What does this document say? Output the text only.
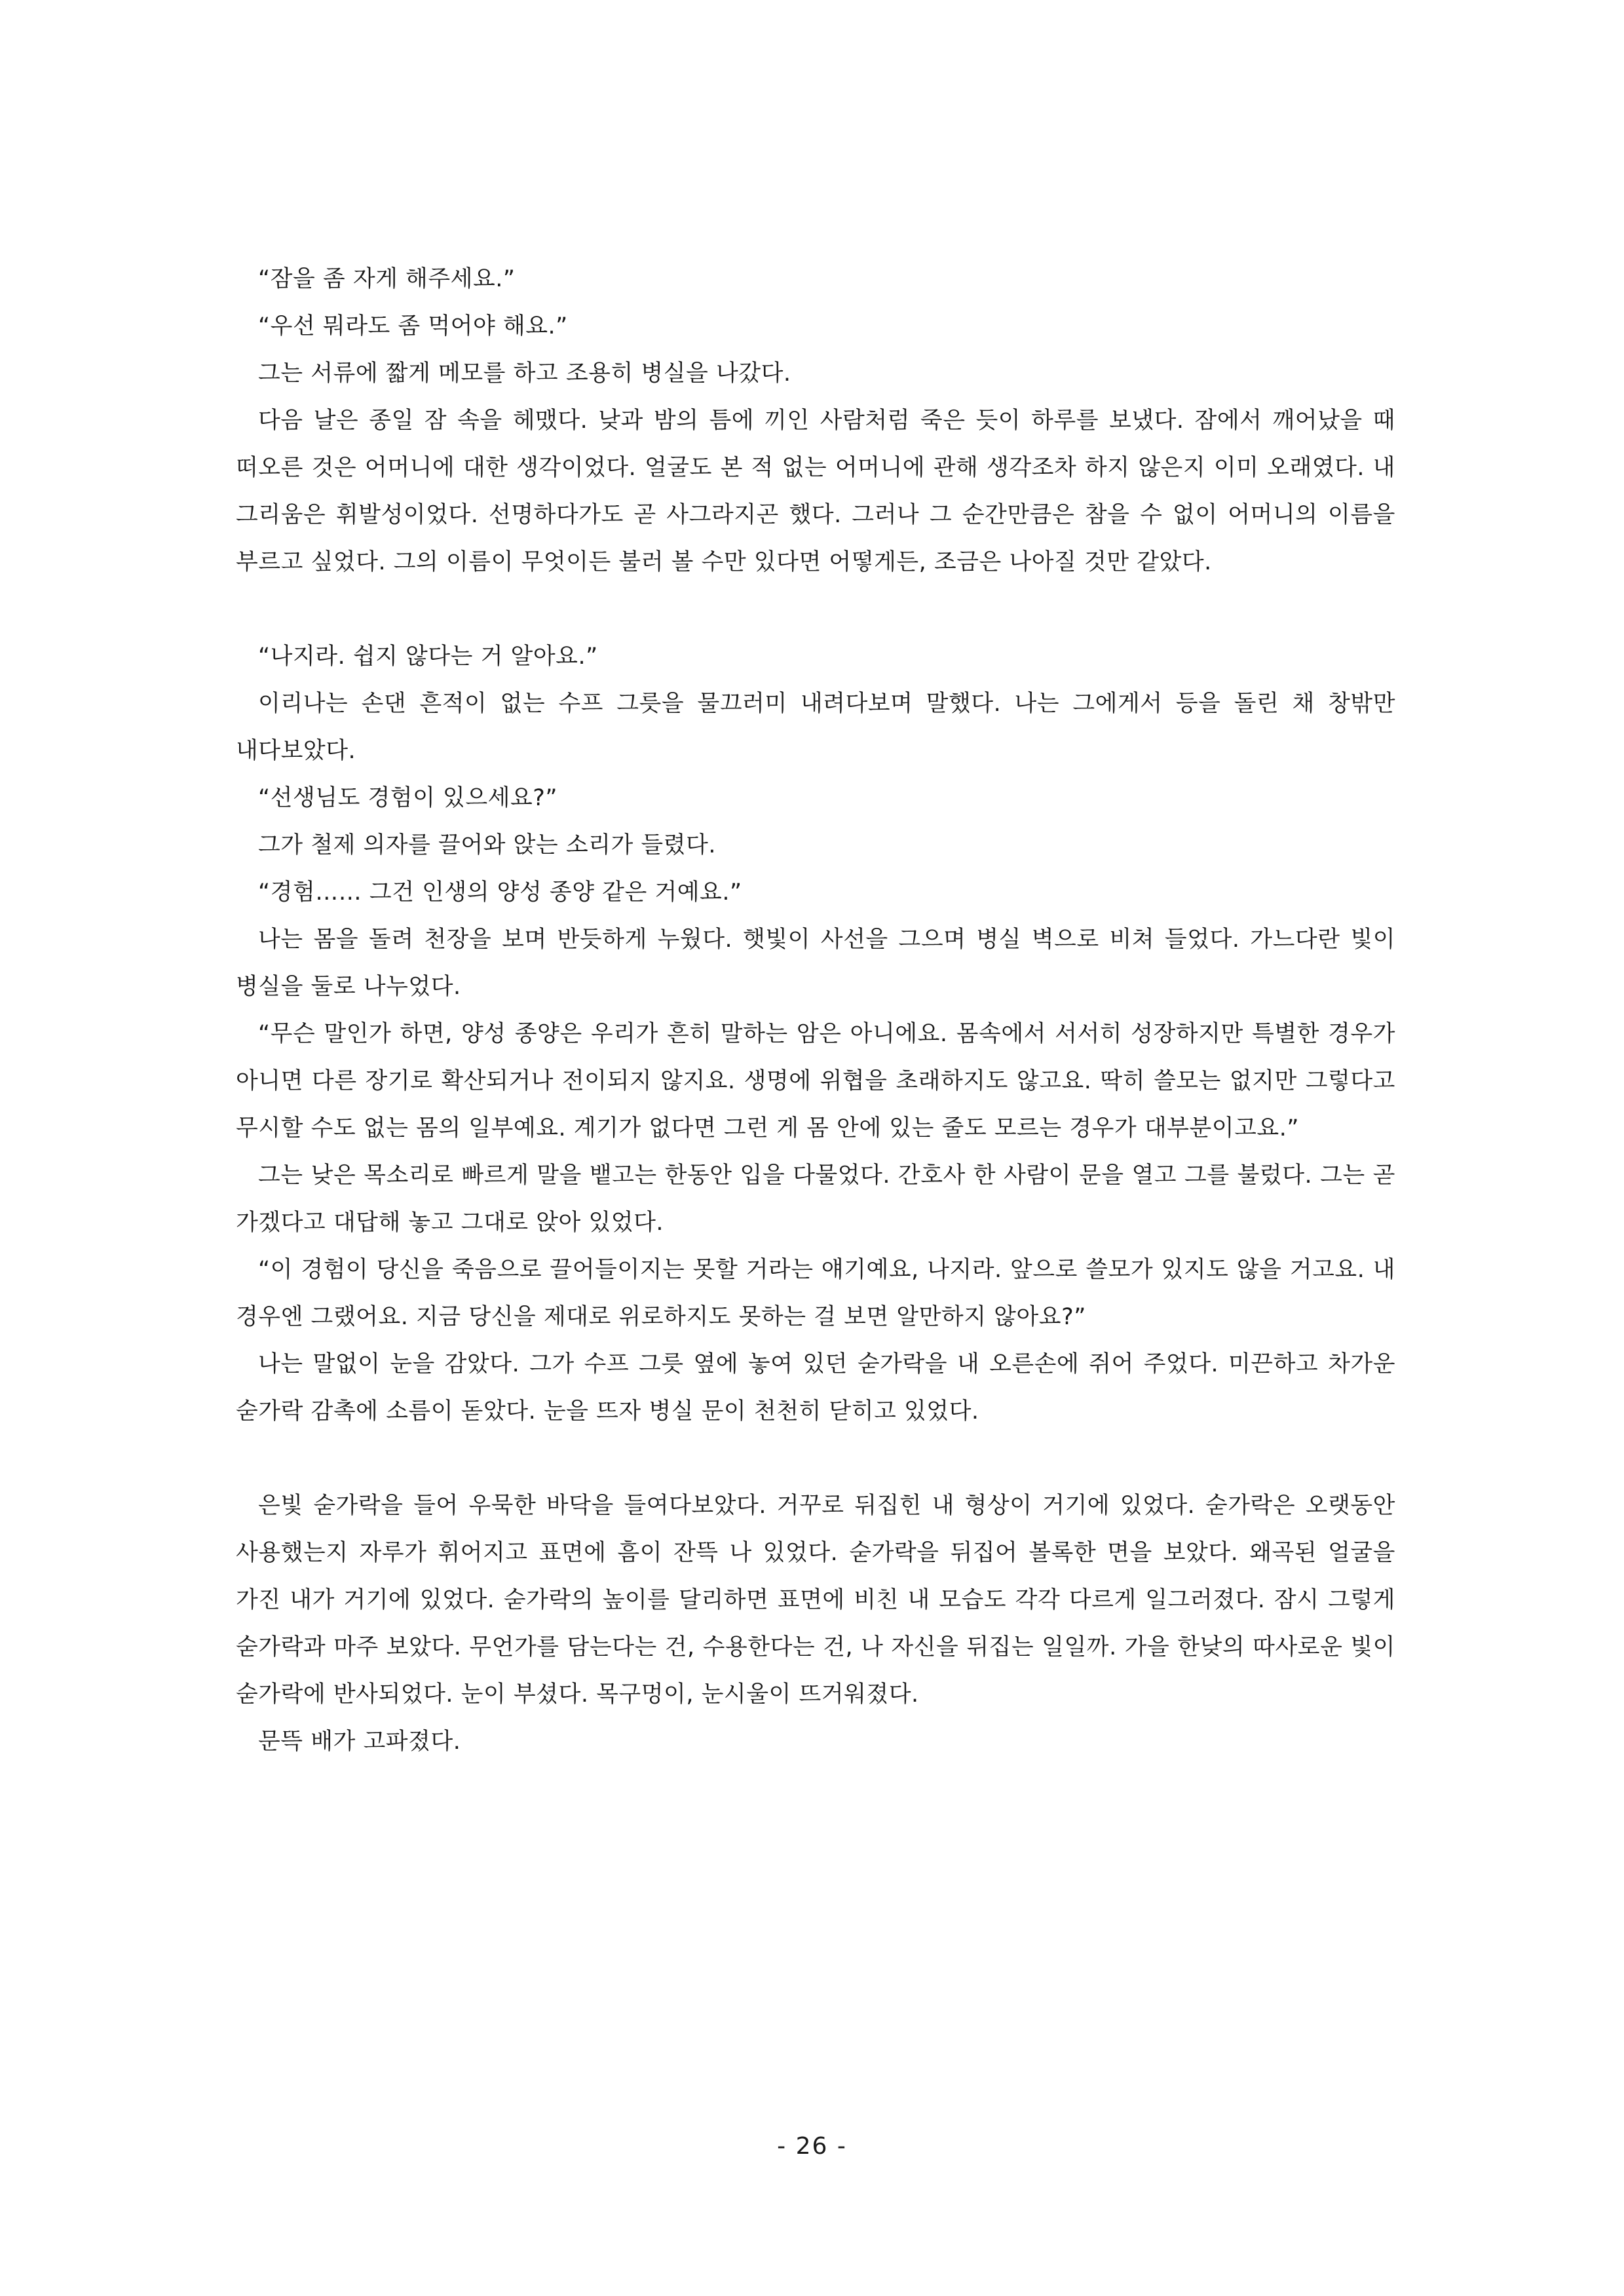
“잠을 좀 자게 해주세요.”

“우선 뭐라도 좀 먹어야 해요.”

그는 서류에 짧게 메모를 하고 조용히 병실을 나갔다.

다음 날은 종일 잠 속을 헤맸다. 낮과 밤의 틈에 끼인 사람처럼 죽은 듯이 하루를 보냈다. 잠에서 깨어났을 때 떠오른 것은 어머니에 대한 생각이었다. 얼굴도 본 적 없는 어머니에 관해 생각조차 하지 않은지 이미 오래였다. 내 그리움은 휘발성이었다. 선명하다가도 곧 사그라지곤 했다. 그러나 그 순간만큼은 참을 수 없이 어머니의 이름을 부르고 싶었다. 그의 이름이 무엇이든 불러 볼 수만 있다면 어떻게든, 조금은 나아질 것만 같았다.

“나지라. 쉽지 않다는 거 알아요.”

이리나는 손댄 흔적이 없는 수프 그릇을 물끄러미 내려다보며 말했다. 나는 그에게서 등을 돌린 채 창밖만 내다보았다.

“선생님도 경험이 있으세요?”

그가 철제 의자를 끌어와 앉는 소리가 들렸다.

“경험…… 그건 인생의 양성 종양 같은 거예요.”

나는 몸을 돌려 천장을 보며 반듯하게 누웠다. 햇빛이 사선을 그으며 병실 벽으로 비쳐 들었다. 가느다란 빛이 병실을 둘로 나누었다.

“무슨 말인가 하면, 양성 종양은 우리가 흔히 말하는 암은 아니에요. 몸속에서 서서히 성장하지만 특별한 경우가 아니면 다른 장기로 확산되거나 전이되지 않지요. 생명에 위협을 초래하지도 않고요. 딱히 쓸모는 없지만 그렇다고 무시할 수도 없는 몸의 일부예요. 계기가 없다면 그런 게 몸 안에 있는 줄도 모르는 경우가 대부분이고요.”

그는 낮은 목소리로 빠르게 말을 뱉고는 한동안 입을 다물었다. 간호사 한 사람이 문을 열고 그를 불렀다. 그는 곧 가겠다고 대답해 놓고 그대로 앉아 있었다.

“이 경험이 당신을 죽음으로 끌어들이지는 못할 거라는 얘기예요, 나지라. 앞으로 쓸모가 있지도 않을 거고요. 내 경우엔 그랬어요. 지금 당신을 제대로 위로하지도 못하는 걸 보면 알만하지 않아요?”

나는 말없이 눈을 감았다. 그가 수프 그릇 옆에 놓여 있던 숟가락을 내 오른손에 쥐어 주었다. 미끈하고 차가운 숟가락 감촉에 소름이 돋았다. 눈을 뜨자 병실 문이 천천히 닫히고 있었다.

은빛 숟가락을 들어 우묵한 바닥을 들여다보았다. 거꾸로 뒤집힌 내 형상이 거기에 있었다. 숟가락은 오랫동안 사용했는지 자루가 휘어지고 표면에 흠이 잔뜩 나 있었다. 숟가락을 뒤집어 볼록한 면을 보았다. 왜곡된 얼굴을 가진 내가 거기에 있었다. 숟가락의 높이를 달리하면 표면에 비친 내 모습도 각각 다르게 일그러졌다. 잠시 그렇게 숟가락과 마주 보았다. 무언가를 담는다는 건, 수용한다는 건, 나 자신을 뒤집는 일일까. 가을 한낮의 따사로운 빛이 숟가락에 반사되었다. 눈이 부셨다. 목구멍이, 눈시울이 뜨거워졌다.

문뜩 배가 고파졌다.

- 26 -
